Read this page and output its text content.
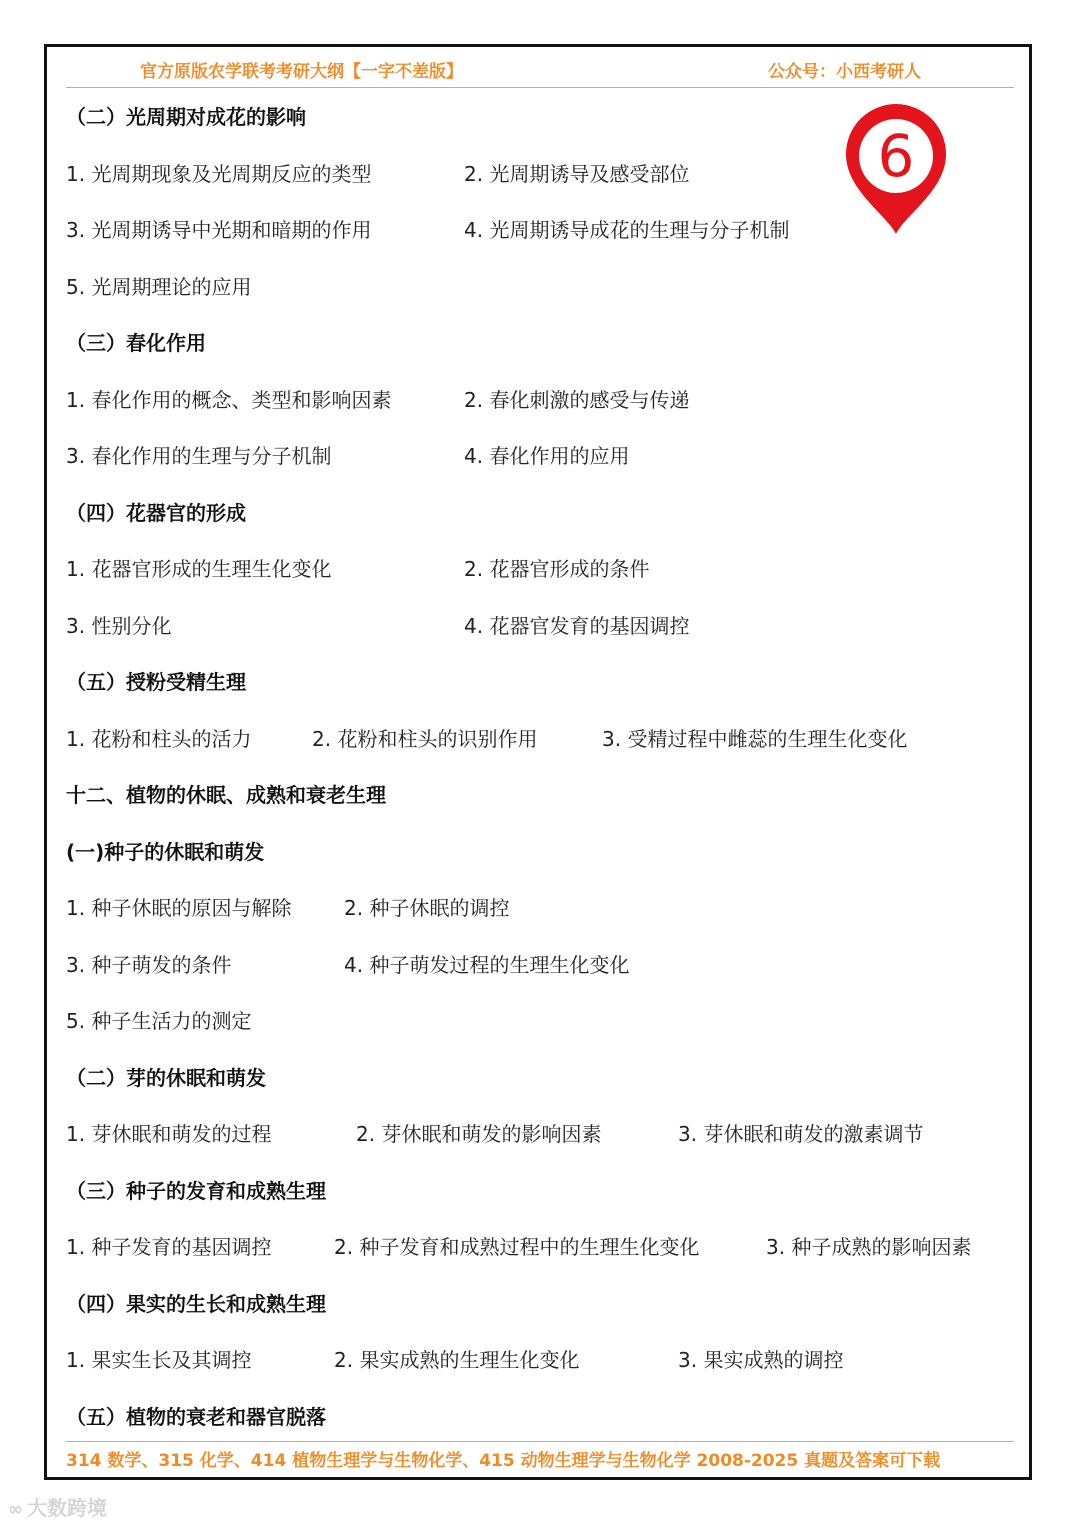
官方原版农学联考考研大纲【一字不差版】	公众号：小西考研人
6
（二）光周期对成花的影响
1. 光周期现象及光周期反应的类型	2. 光周期诱导及感受部位
3. 光周期诱导中光期和暗期的作用	4. 光周期诱导成花的生理与分子机制
5. 光周期理论的应用
（三）春化作用
1. 春化作用的概念、类型和影响因素	2. 春化刺激的感受与传递
3. 春化作用的生理与分子机制	4. 春化作用的应用
（四）花器官的形成
1. 花器官形成的生理生化变化	2. 花器官形成的条件
3. 性别分化	4. 花器官发育的基因调控
（五）授粉受精生理
1. 花粉和柱头的活力	2. 花粉和柱头的识别作用	3. 受精过程中雌蕊的生理生化变化
十二、植物的休眠、成熟和衰老生理
(一)种子的休眠和萌发
1. 种子休眠的原因与解除	2. 种子休眠的调控
3. 种子萌发的条件	4. 种子萌发过程的生理生化变化
5. 种子生活力的测定
（二）芽的休眠和萌发
1. 芽休眠和萌发的过程	2. 芽休眠和萌发的影响因素	3. 芽休眠和萌发的激素调节
（三）种子的发育和成熟生理
1. 种子发育的基因调控	2. 种子发育和成熟过程中的生理生化变化	3. 种子成熟的影响因素
（四）果实的生长和成熟生理
1. 果实生长及其调控	2. 果实成熟的生理生化变化	3. 果实成熟的调控
（五）植物的衰老和器官脱落
314 数学、315 化学、414 植物生理学与生物化学、415 动物生理学与生物化学 2008-2025 真题及答案可下载
∞ 大数跨境
